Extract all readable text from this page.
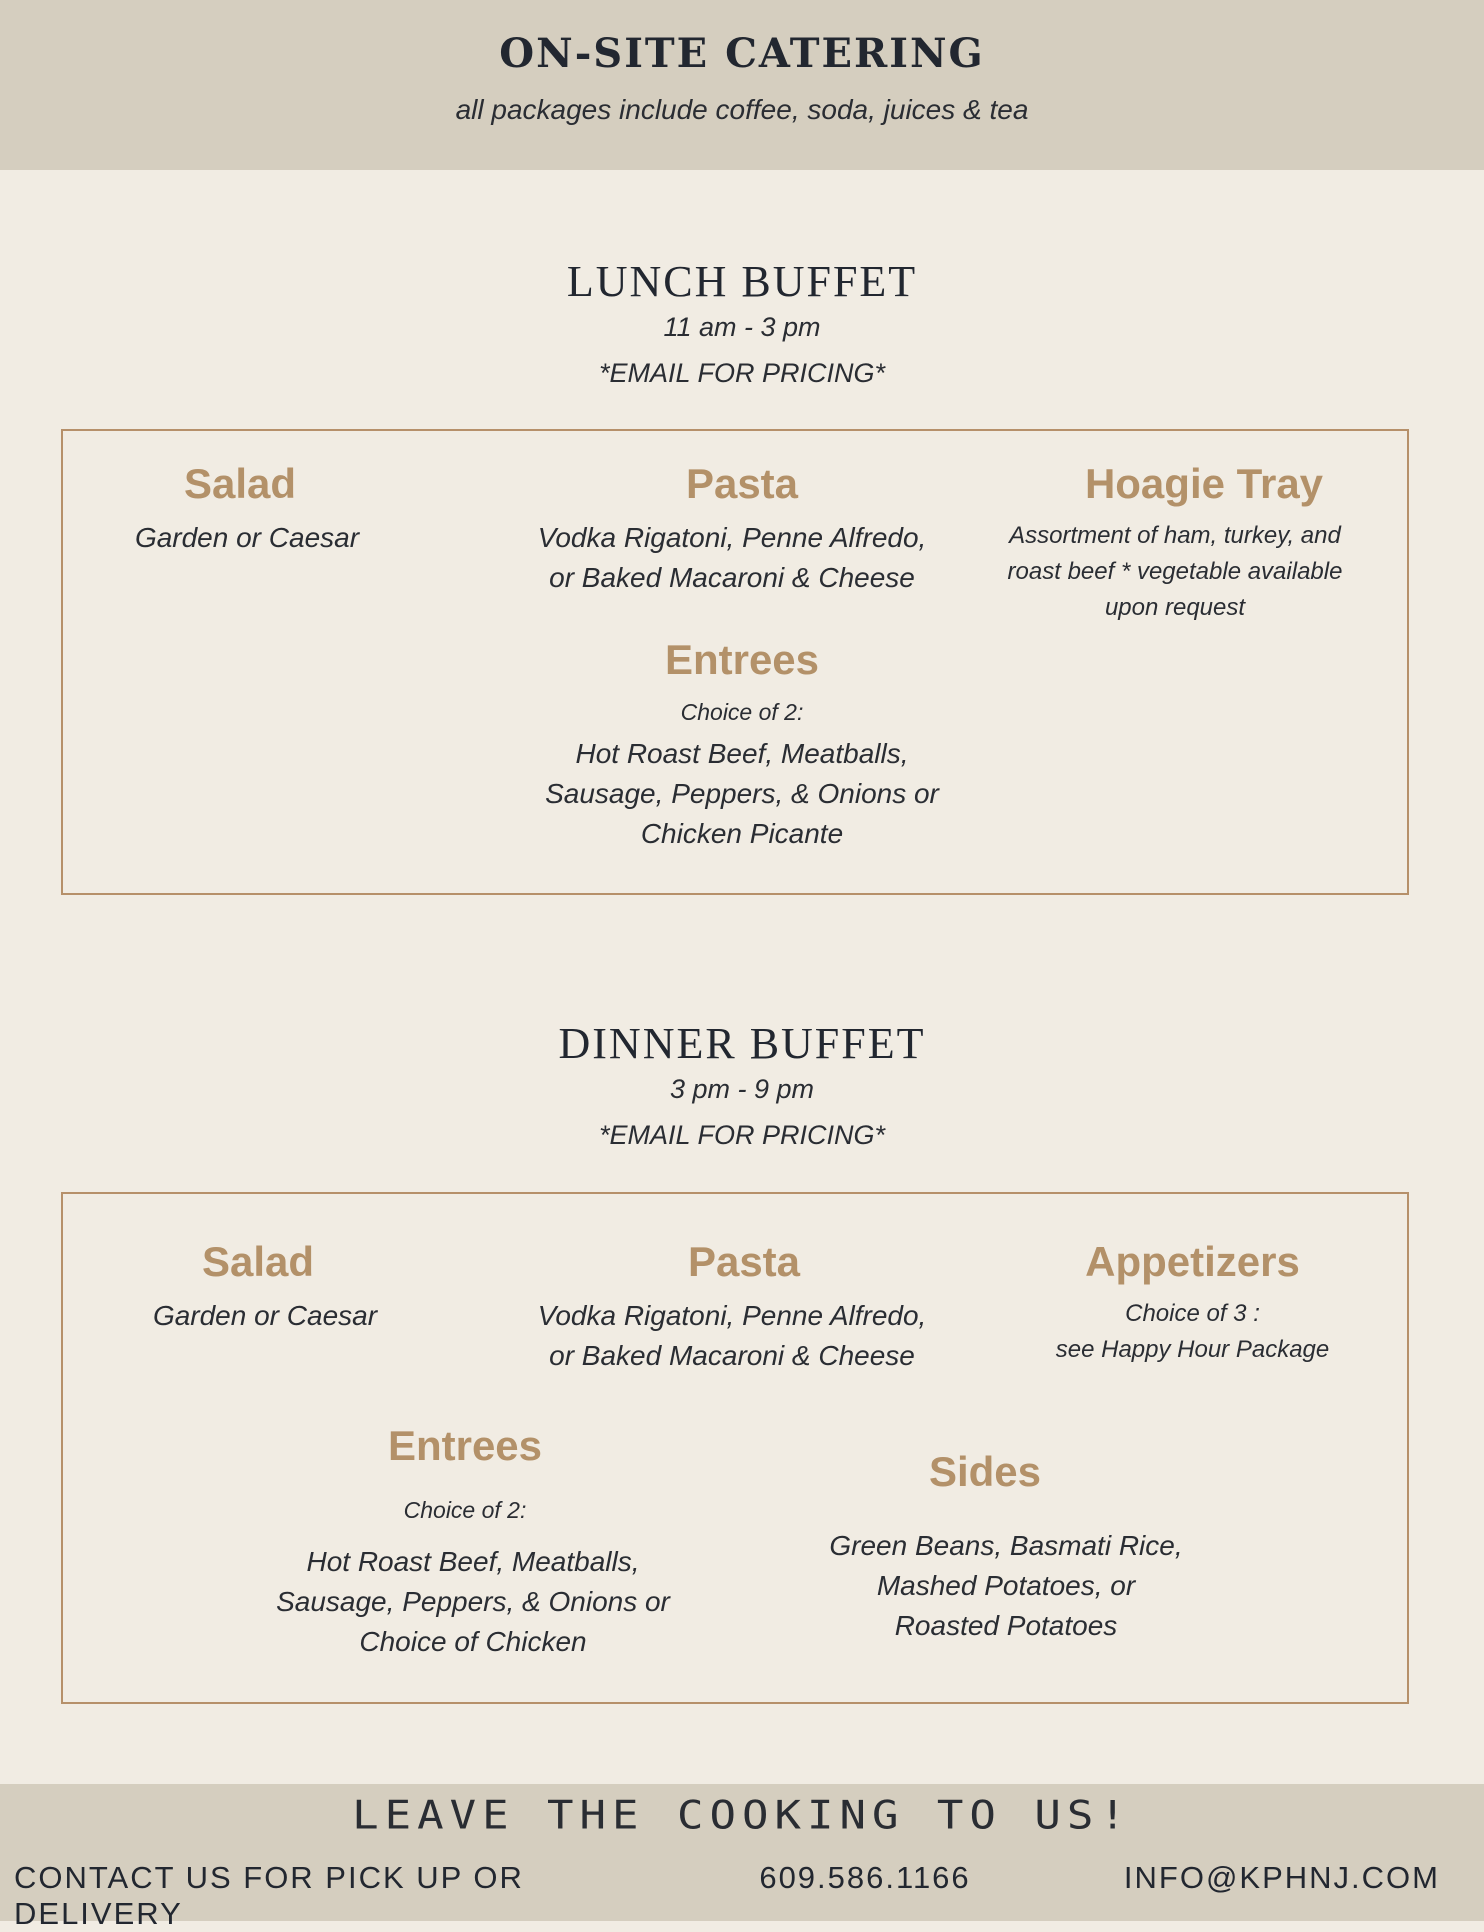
ON-SITE CATERING
all packages include coffee, soda, juices & tea
LUNCH BUFFET
11 am - 3 pm
*EMAIL FOR PRICING*
Salad
Garden or Caesar
Pasta
Vodka Rigatoni, Penne Alfredo,
or Baked Macaroni & Cheese
Hoagie Tray
Assortment of ham, turkey, and
roast beef * vegetable available
upon request
Entrees
Choice of 2:
Hot Roast Beef, Meatballs,
Sausage, Peppers, & Onions or
Chicken Picante
DINNER BUFFET
3 pm - 9 pm
*EMAIL FOR PRICING*
Salad
Garden or Caesar
Pasta
Vodka Rigatoni, Penne Alfredo,
or Baked Macaroni & Cheese
Appetizers
Choice of 3 :
see Happy Hour Package
Entrees
Choice of 2:
Hot Roast Beef, Meatballs,
Sausage, Peppers, & Onions or
Choice of Chicken
Sides
Green Beans, Basmati Rice,
Mashed Potatoes, or
Roasted Potatoes
LEAVE THE COOKING TO US!
CONTACT US FOR PICK UP OR DELIVERY
609.586.1166	INFO@KPHNJ.COM
